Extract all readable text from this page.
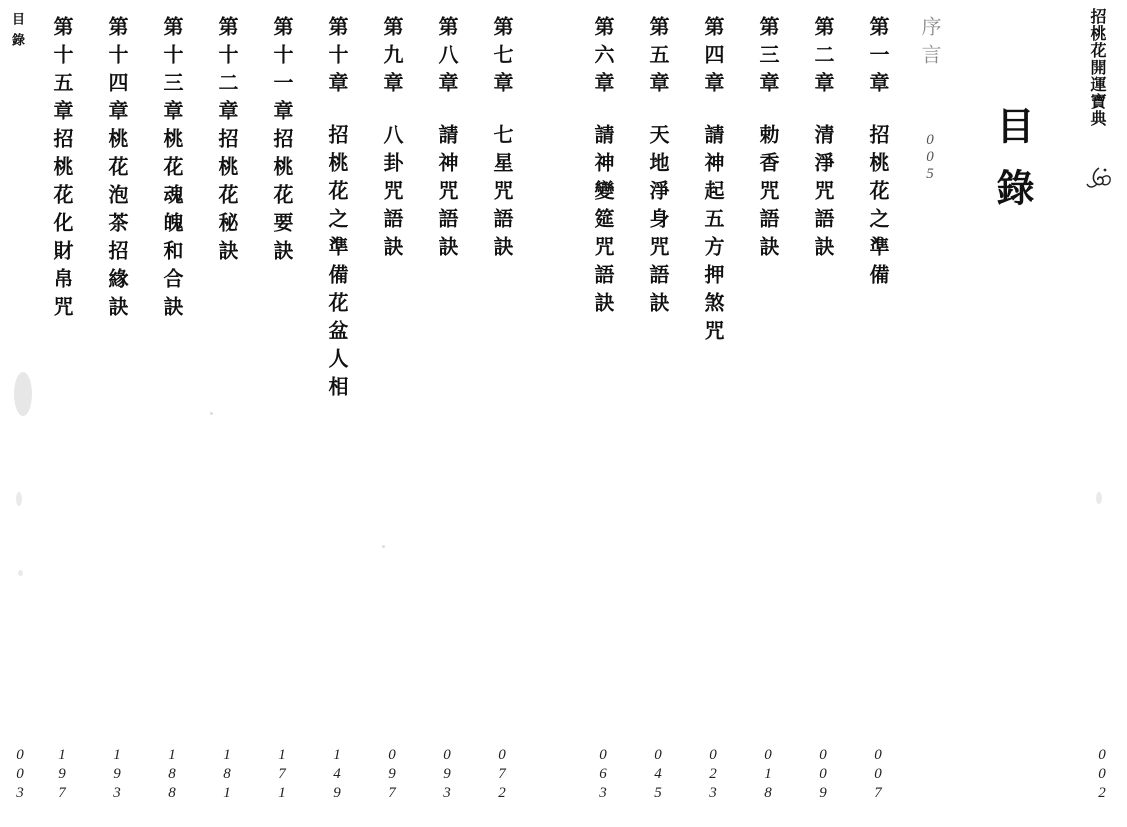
目錄	第一章招桃花之準備
0
0
7
第二章清淨咒語訣
0
0
9
第三章勅香咒語訣
0
1
8
第四章請神起五方押煞咒
0
2
3
第五章天地淨身咒語訣
0
4
5
第六章請神變筵咒語訣
0
6
3
第七章七星咒語訣
0
7
2
第八章請神咒語訣
0
9
3
第九章八卦咒語訣
0
9
7
第十章招桃花之準備花盆人相
1
4
9
第十一章招桃花要訣
1
7
1
第十二章招桃花秘訣
1
8
1
第十三章桃花魂魄和合訣
1
8
8
第十四章桃花泡茶招緣訣
1
9
3
第十五章招桃花化財帛咒
1
9
7
序言
0
0
5 目錄
招桃花開運寶典
0
0
3
0
0
2
